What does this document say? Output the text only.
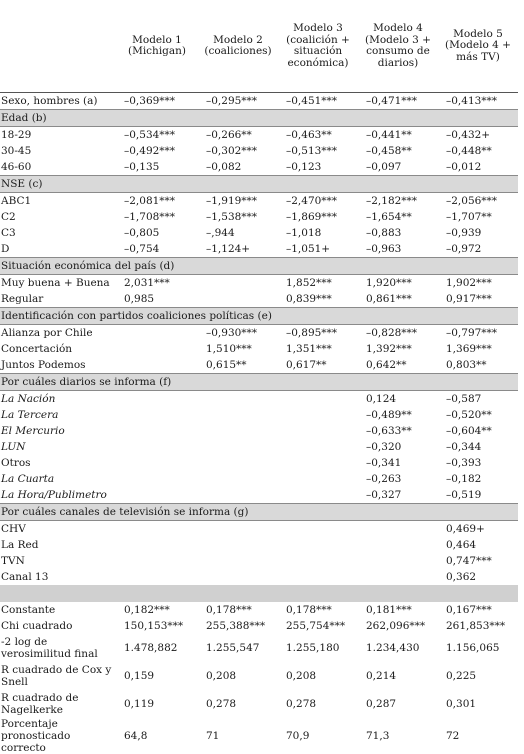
	Modelo 1 (Michigan)	Modelo 2 (coaliciones)	Modelo 3 (coalición + situación económica)	Modelo 4 (Modelo 3 + consumo de diarios)	Modelo 5 (Modelo 4 + más TV)
Sexo, hombres (a)	–0,369***	–0,295***	–0,451***	–0,471***	–0,413***
Edad (b)					
18-29	–0,534***	–0,266**	–0,463**	–0,441**	–0,432+
30-45	–0,492***	–0,302***	–0,513***	–0,458**	–0,448**
46-60	–0,135	–0,082	–0,123	–0,097	–0,012
NSE (c)					
ABC1	–2,081***	–1,919***	–2,470***	–2,182***	–2,056***
C2	–1,708***	–1,538***	–1,869***	–1,654**	–1,707**
C3	–0,805	–,944	–1,018	–0,883	–0,939
D	–0,754	–1,124+	–1,051+	–0,963	–0,972
Situación económica del país (d)					
Muy buena + Buena	2,031***		1,852***	1,920***	1,902***
Regular	0,985		0,839***	0,861***	0,917***
Identificación con partidos coaliciones políticas (e)					
Alianza por Chile		–0,930***	–0,895***	–0,828***	–0,797***
Concertación		1,510***	1,351***	1,392***	1,369***
Juntos Podemos		0,615**	0,617**	0,642**	0,803**
Por cuáles diarios se informa (f)					
La Nación				0,124	–0,587
La Tercera				–0,489**	–0,520**
El Mercurio				–0,633**	–0,604**
LUN				–0,320	–0,344
Otros				–0,341	–0,393
La Cuarta				–0,263	–0,182
La Hora/Publimetro				–0,327	–0,519
Por cuáles canales de televisión se informa (g)					
CHV					0,469+
La Red					0,464
TVN					0,747***
Canal 13					0,362

Constante	0,182***	0,178***	0,178***	0,181***	0,167***
Chi cuadrado	150,153***	255,388***	255,754***	262,096***	261,853***
-2 log de verosimilitud final	1.478,882	1.255,547	1.255,180	1.234,430	1.156,065
R cuadrado de Cox y Snell	0,159	0,208	0,208	0,214	0,225
R cuadrado de Nagelkerke	0,119	0,278	0,278	0,287	0,301
Porcentaje pronosticado correcto	64,8	71	70,9	71,3	72
